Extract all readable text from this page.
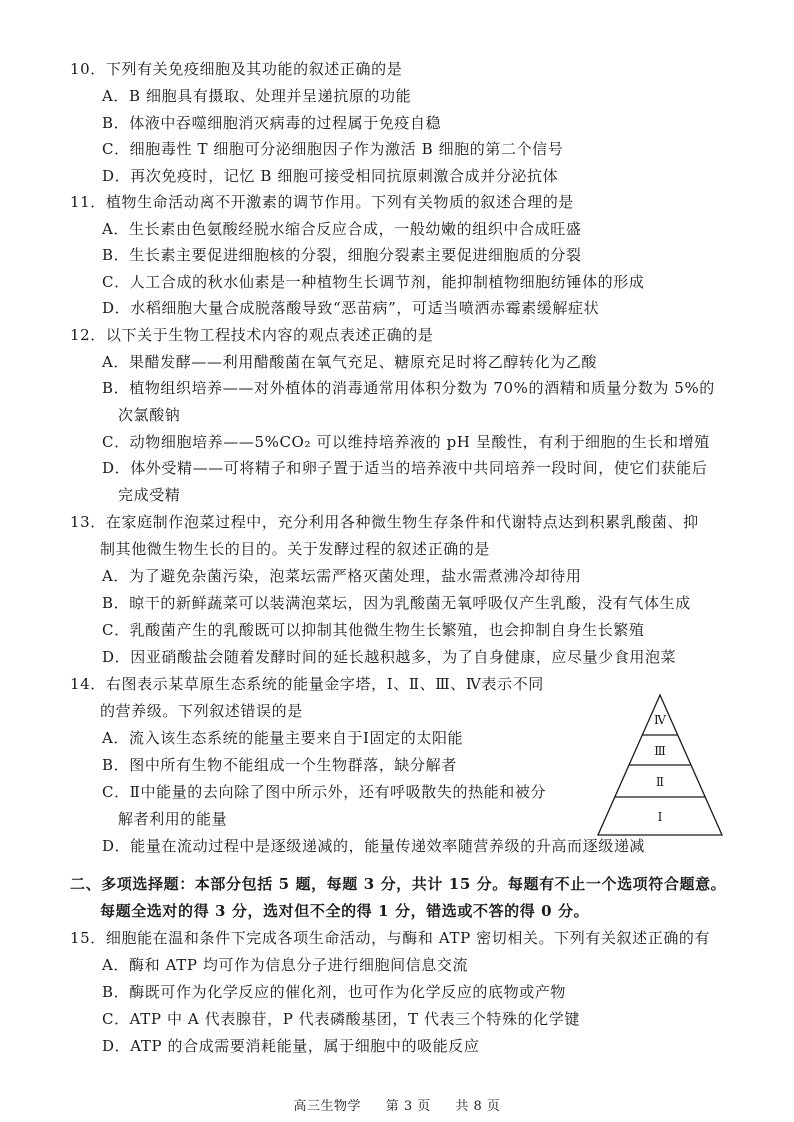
10．下列有关免疫细胞及其功能的叙述正确的是
A．B 细胞具有摄取、处理并呈递抗原的功能
B．体液中吞噬细胞消灭病毒的过程属于免疫自稳
C．细胞毒性 T 细胞可分泌细胞因子作为激活 B 细胞的第二个信号
D．再次免疫时，记忆 B 细胞可接受相同抗原刺激合成并分泌抗体
11．植物生命活动离不开激素的调节作用。下列有关物质的叙述合理的是
A．生长素由色氨酸经脱水缩合反应合成，一般幼嫩的组织中合成旺盛
B．生长素主要促进细胞核的分裂，细胞分裂素主要促进细胞质的分裂
C．人工合成的秋水仙素是一种植物生长调节剂，能抑制植物细胞纺锤体的形成
D．水稻细胞大量合成脱落酸导致“恶苗病”，可适当喷洒赤霉素缓解症状
12．以下关于生物工程技术内容的观点表述正确的是
A．果醋发酵——利用醋酸菌在氧气充足、糖原充足时将乙醇转化为乙酸
B．植物组织培养——对外植体的消毒通常用体积分数为 70%的酒精和质量分数为 5%的
次氯酸钠
C．动物细胞培养——5%CO₂ 可以维持培养液的 pH 呈酸性，有利于细胞的生长和增殖
D．体外受精——可将精子和卵子置于适当的培养液中共同培养一段时间，使它们获能后
完成受精
13．在家庭制作泡菜过程中，充分利用各种微生物生存条件和代谢特点达到积累乳酸菌、抑
制其他微生物生长的目的。关于发酵过程的叙述正确的是
A．为了避免杂菌污染，泡菜坛需严格灭菌处理，盐水需煮沸冷却待用
B．晾干的新鲜蔬菜可以装满泡菜坛，因为乳酸菌无氧呼吸仅产生乳酸，没有气体生成
C．乳酸菌产生的乳酸既可以抑制其他微生物生长繁殖，也会抑制自身生长繁殖
D．因亚硝酸盐会随着发酵时间的延长越积越多，为了自身健康，应尽量少食用泡菜
14．右图表示某草原生态系统的能量金字塔，Ⅰ、Ⅱ、Ⅲ、Ⅳ表示不同
的营养级。下列叙述错误的是
A．流入该生态系统的能量主要来自于Ⅰ固定的太阳能
B．图中所有生物不能组成一个生物群落，缺分解者
C．Ⅱ中能量的去向除了图中所示外，还有呼吸散失的热能和被分
解者利用的能量
D．能量在流动过程中是逐级递减的，能量传递效率随营养级的升高而逐级递减
Ⅳ
Ⅲ
Ⅱ
Ⅰ
二、多项选择题：本部分包括 5 题，每题 3 分，共计 15 分。每题有不止一个选项符合题意。
每题全选对的得 3 分，选对但不全的得 1 分，错选或不答的得 0 分。
15．细胞能在温和条件下完成各项生命活动，与酶和 ATP 密切相关。下列有关叙述正确的有
A．酶和 ATP 均可作为信息分子进行细胞间信息交流
B．酶既可作为化学反应的催化剂，也可作为化学反应的底物或产物
C．ATP 中 A 代表腺苷，P 代表磷酸基团，T 代表三个特殊的化学键
D．ATP 的合成需要消耗能量，属于细胞中的吸能反应
高三生物学 第 3 页 共 8 页
